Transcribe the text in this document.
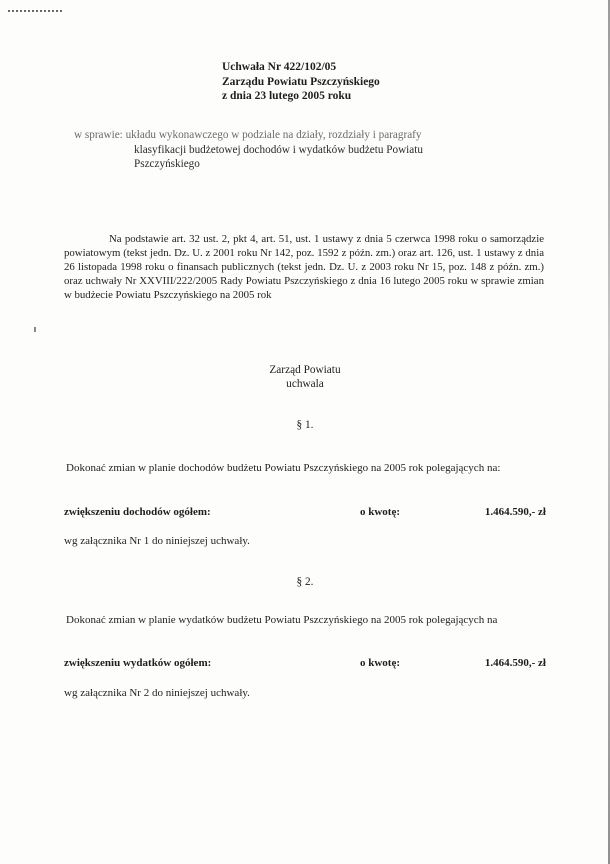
Uchwała Nr 422/102/05
Zarządu Powiatu Pszczyńskiego
z dnia 23 lutego 2005 roku
w sprawie: układu wykonawczego w podziale na działy, rozdziały i paragrafy
klasyfikacji budżetowej dochodów i wydatków budżetu Powiatu
Pszczyńskiego
Na podstawie art. 32 ust. 2, pkt 4, art. 51, ust. 1 ustawy z dnia 5 czerwca 1998 roku o samorządzie powiatowym (tekst jedn. Dz. U. z 2001 roku Nr 142, poz. 1592 z późn. zm.) oraz art. 126, ust. 1 ustawy z dnia 26 listopada 1998 roku o finansach publicznych (tekst jedn. Dz. U. z 2003 roku Nr 15, poz. 148 z późn. zm.) oraz uchwały Nr XXVIII/222/2005 Rady Powiatu Pszczyńskiego z dnia 16 lutego 2005 roku w sprawie zmian w budżecie Powiatu Pszczyńskiego na 2005 rok
Zarząd Powiatu
uchwala
§ 1.
Dokonać zmian w planie dochodów budżetu Powiatu Pszczyńskiego na 2005 rok polegających na:
zwiększeniu dochodów ogółem:	o kwotę:	1.464.590,- zł
wg załącznika Nr 1 do niniejszej uchwały.
§ 2.
Dokonać zmian w planie wydatków budżetu Powiatu Pszczyńskiego na 2005 rok polegających na
zwiększeniu wydatków ogółem:	o kwotę:	1.464.590,- zł
wg załącznika Nr 2 do niniejszej uchwały.
